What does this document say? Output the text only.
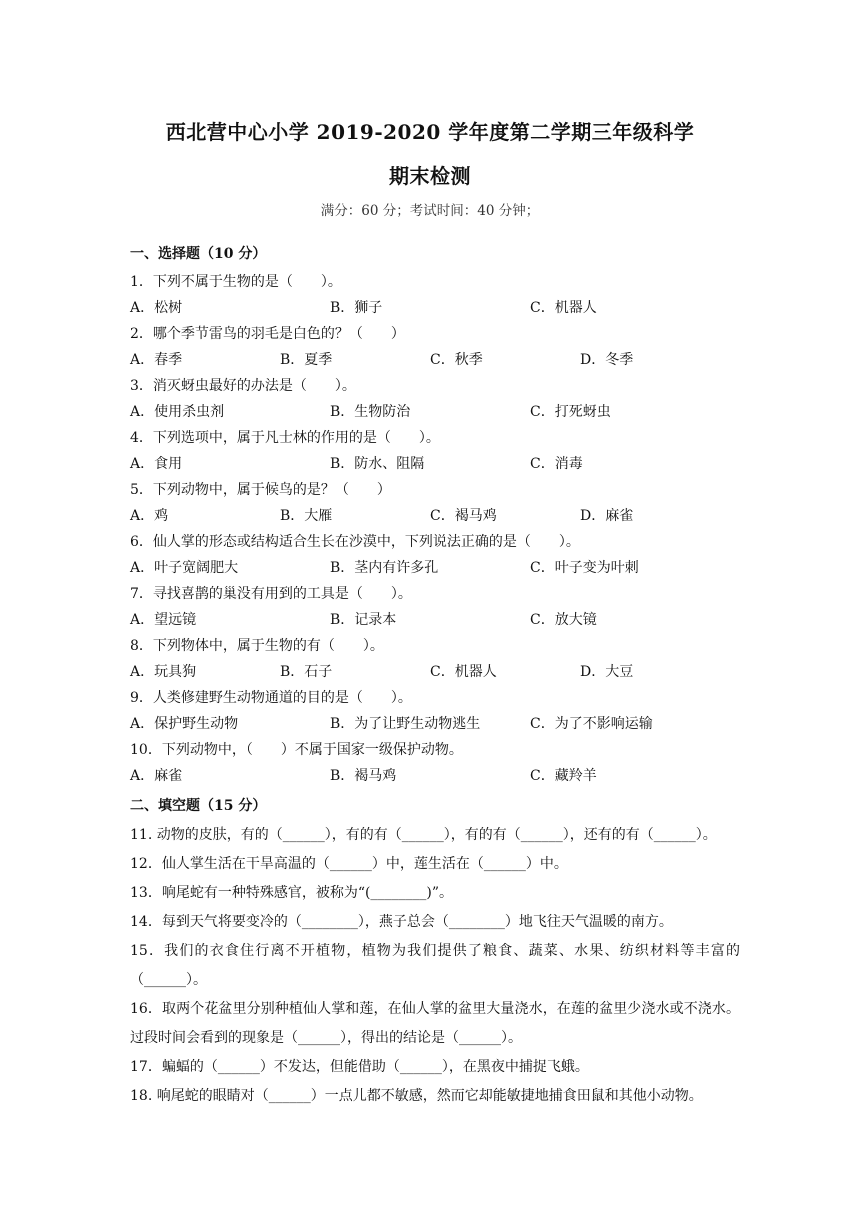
西北营中心小学 2019-2020 学年度第二学期三年级科学
期末检测
满分：60 分；考试时间：40 分钟；
一、选择题（10 分）
1．下列不属于生物的是（　　）。
A．松树	B．狮子	C．机器人
2．哪个季节雷鸟的羽毛是白色的？（　　）
A．春季	B．夏季	C．秋季	D．冬季
3．消灭蚜虫最好的办法是（　　）。
A．使用杀虫剂	B．生物防治	C．打死蚜虫
4．下列选项中，属于凡士林的作用的是（　　）。
A．食用	B．防水、阻隔	C．消毒
5．下列动物中，属于候鸟的是？（　　）
A．鸡	B．大雁	C．褐马鸡	D．麻雀
6．仙人掌的形态或结构适合生长在沙漠中，下列说法正确的是（　　）。
A．叶子宽阔肥大	B．茎内有许多孔	C．叶子变为叶刺
7．寻找喜鹊的巢没有用到的工具是（　　）。
A．望远镜	B．记录本	C．放大镜
8．下列物体中，属于生物的有（　　）。
A．玩具狗	B．石子	C．机器人	D．大豆
9．人类修建野生动物通道的目的是（　　）。
A．保护野生动物	B．为了让野生动物逃生	C．为了不影响运输
10．下列动物中，（　　）不属于国家一级保护动物。
A．麻雀	B．褐马鸡	C．藏羚羊
二、填空题（15 分）
11. 动物的皮肤，有的（______），有的有（______），有的有（______），还有的有（______）。
12．仙人掌生活在干旱高温的（______）中，莲生活在（______）中。
13．响尾蛇有一种特殊感官，被称为“(________)”。
14．每到天气将要变冷的（________），燕子总会（________）地飞往天气温暖的南方。
15．我们的衣食住行离不开植物，植物为我们提供了粮食、蔬菜、水果、纺织材料等丰富的（______）。
16．取两个花盆里分别种植仙人掌和莲，在仙人掌的盆里大量浇水，在莲的盆里少浇水或不浇水。过段时间会看到的现象是（______），得出的结论是（______）。
17．蝙蝠的（______）不发达，但能借助（______），在黑夜中捕捉飞蛾。
18. 响尾蛇的眼睛对（______）一点儿都不敏感，然而它却能敏捷地捕食田鼠和其他小动物。
